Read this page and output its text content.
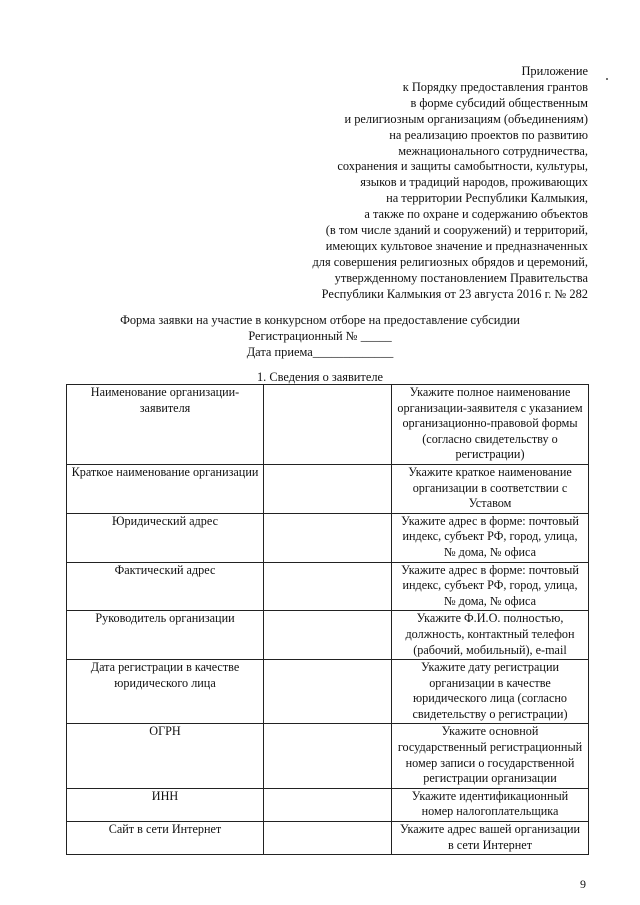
Приложение
к Порядку предоставления грантов
в форме субсидий общественным
и религиозным организациям (объединениям)
на реализацию проектов по развитию
межнационального сотрудничества,
сохранения и защиты самобытности, культуры,
языков и традиций народов, проживающих
на территории Республики Калмыкия,
а также по охране и содержанию объектов
(в том числе зданий и сооружений) и территорий,
имеющих культовое значение и предназначенных
для совершения религиозных обрядов и церемоний,
утвержденному постановлением Правительства
Республики Калмыкия от 23 августа 2016 г. № 282
Форма заявки на участие в конкурсном отборе на предоставление субсидии
Регистрационный № _____
Дата приема_____________
1. Сведения о заявителе
Наименование организации-заявителя		Укажите полное наименование организации-заявителя с указанием организационно-правовой формы (согласно свидетельству о регистрации)
Краткое наименование организации		Укажите краткое наименование организации в соответствии с Уставом
Юридический адрес		Укажите адрес в форме: почтовый индекс, субъект РФ, город, улица, № дома, № офиса
Фактический адрес		Укажите адрес в форме: почтовый индекс, субъект РФ, город, улица, № дома, № офиса
Руководитель организации		Укажите Ф.И.О. полностью, должность, контактный телефон (рабочий, мобильный), e-mail
Дата регистрации в качестве юридического лица		Укажите дату регистрации организации в качестве юридического лица (согласно свидетельству о регистрации)
ОГРН		Укажите основной государственный регистрационный номер записи о государственной регистрации организации
ИНН		Укажите идентификационный номер налогоплательщика
Сайт в сети Интернет		Укажите адрес вашей организации в сети Интернет
9
